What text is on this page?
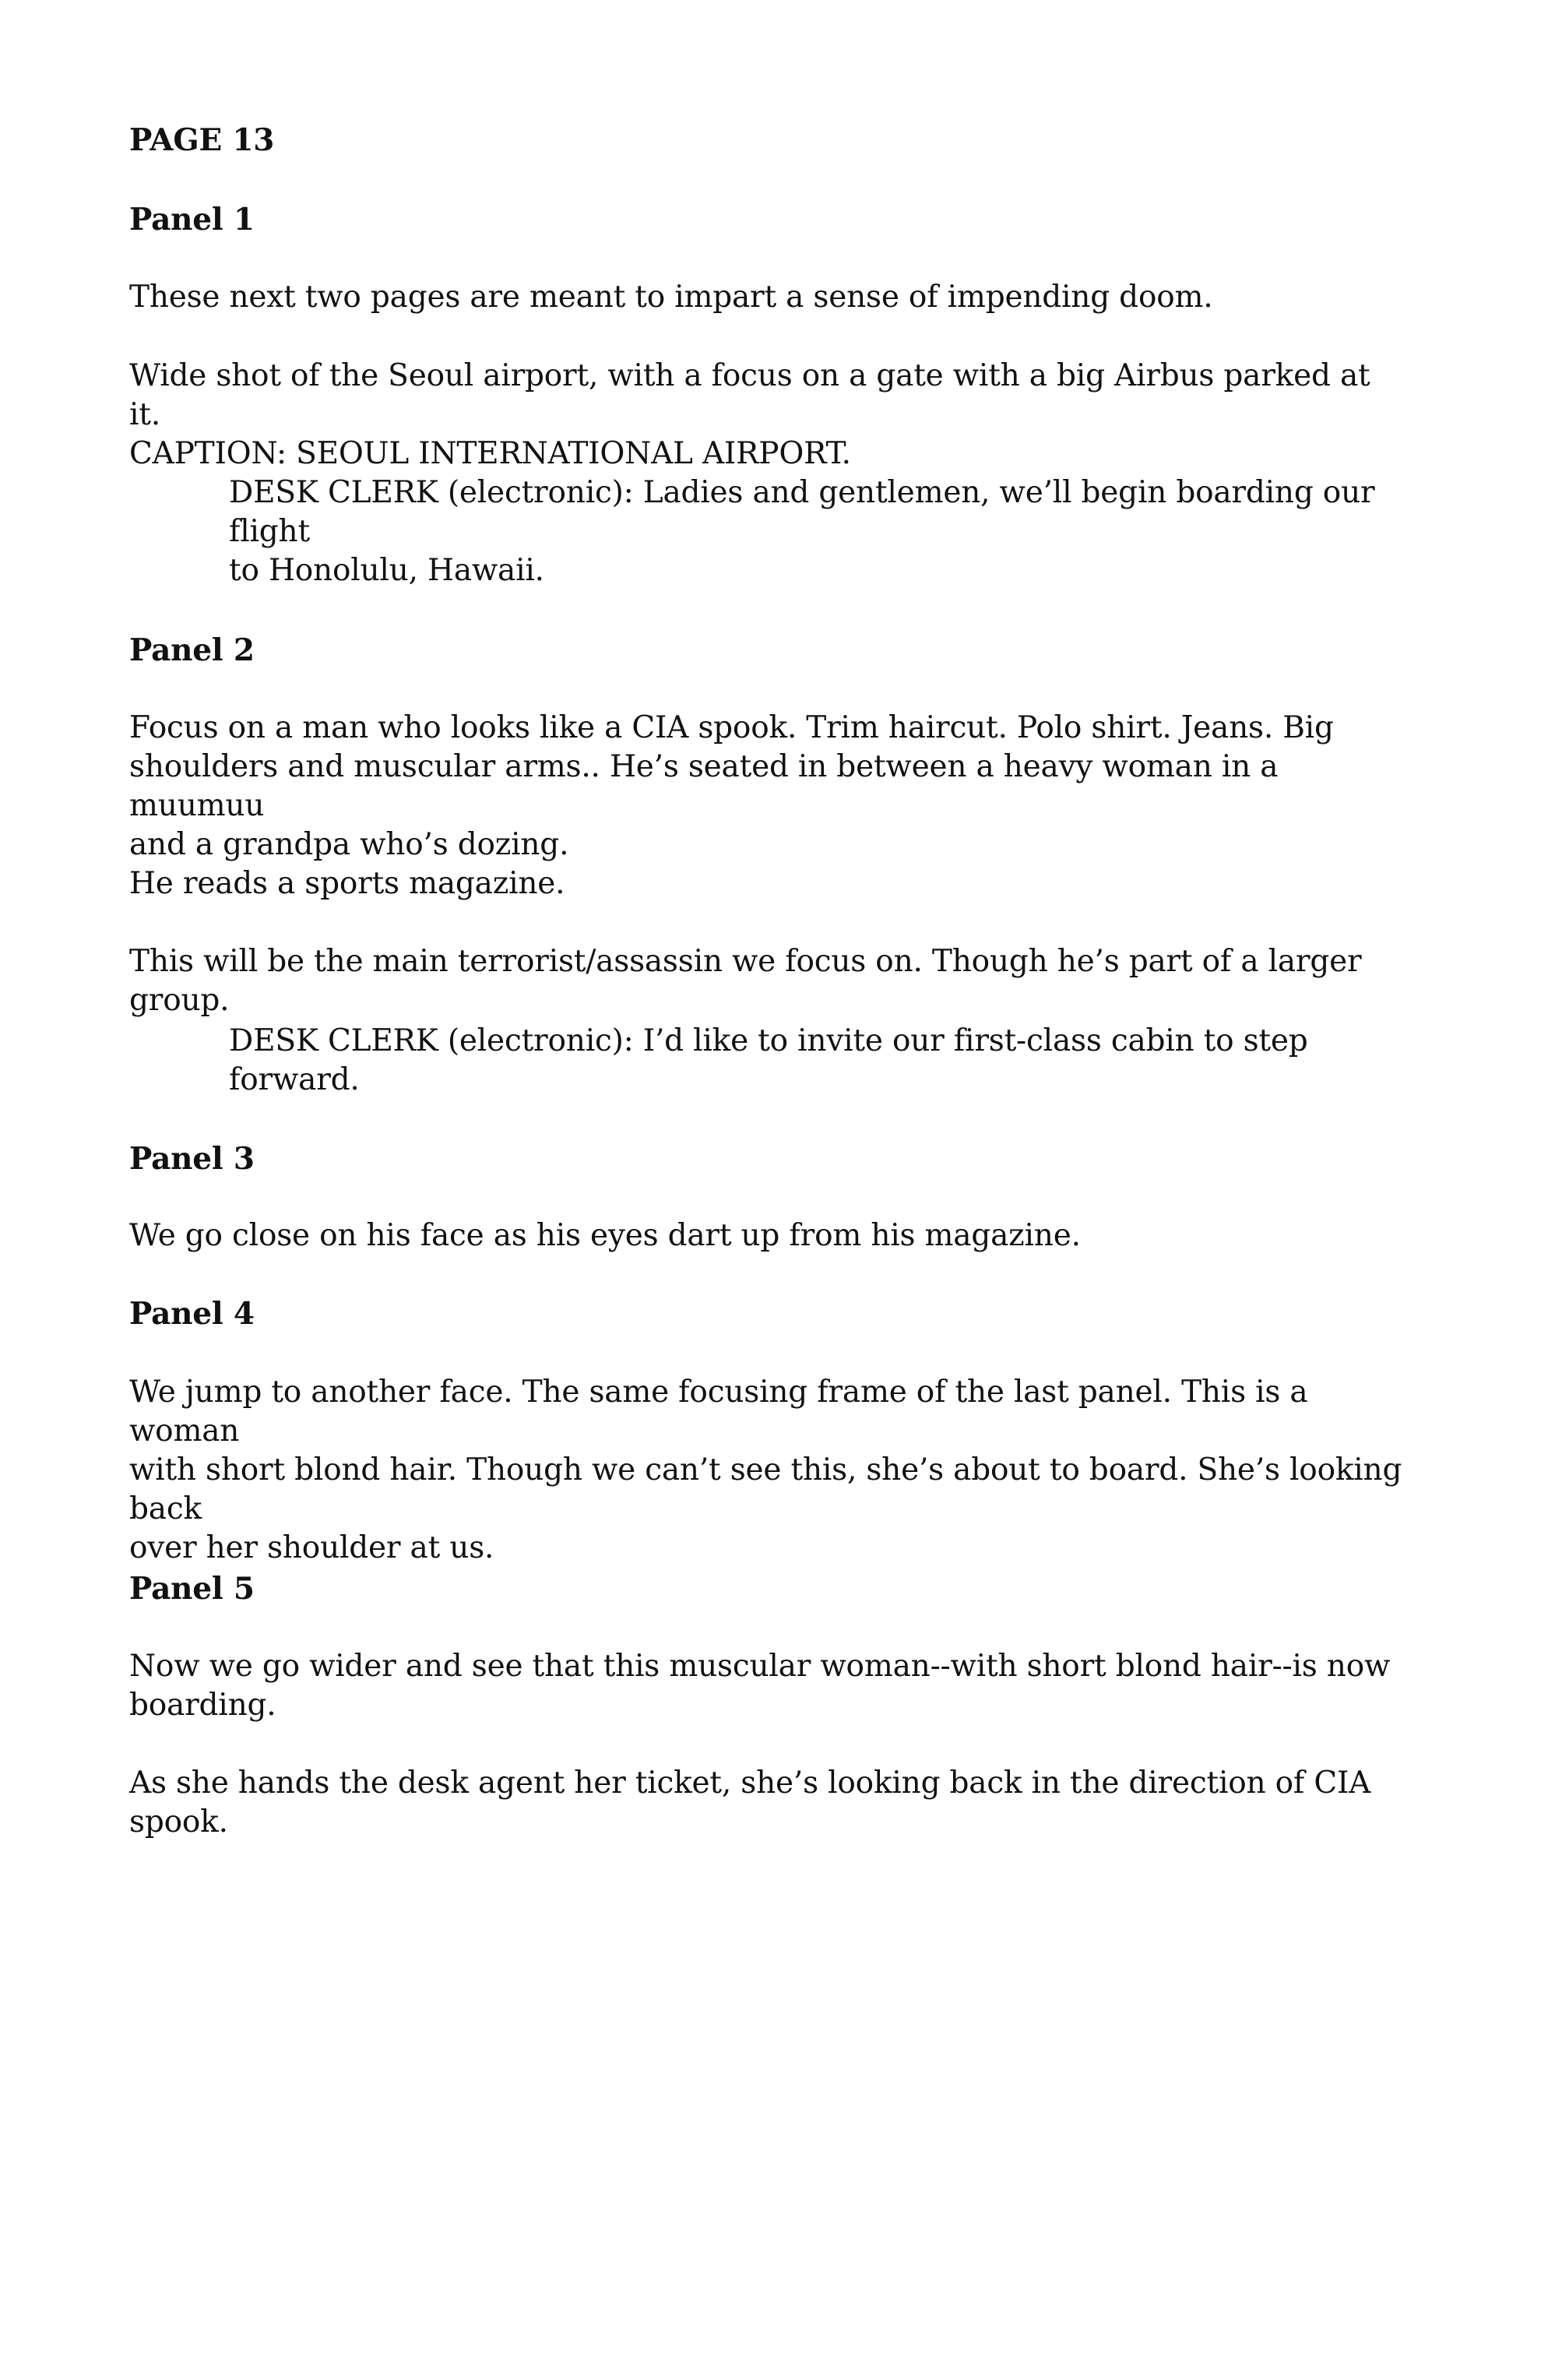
PAGE 13

Panel 1

These next two pages are meant to impart a sense of impending doom.

Wide shot of the Seoul airport, with a focus on a gate with a big Airbus parked at it.
CAPTION: SEOUL INTERNATIONAL AIRPORT.

DESK CLERK (electronic): Ladies and gentlemen, we’ll begin boarding our flight
to Honolulu, Hawaii.

Panel 2

Focus on a man who looks like a CIA spook. Trim haircut. Polo shirt. Jeans. Big
shoulders and muscular arms.. He’s seated in between a heavy woman in a muumuu
and a grandpa who’s dozing.

He reads a sports magazine.

This will be the main terrorist/assassin we focus on. Though he’s part of a larger group.

DESK CLERK (electronic): I’d like to invite our first-class cabin to step forward.

Panel 3

We go close on his face as his eyes dart up from his magazine.

Panel 4

We jump to another face. The same focusing frame of the last panel. This is a woman
with short blond hair. Though we can’t see this, she’s about to board. She’s looking back
over her shoulder at us.

Panel 5

Now we go wider and see that this muscular woman--with short blond hair--is now
boarding.

As she hands the desk agent her ticket, she’s looking back in the direction of CIA spook.
